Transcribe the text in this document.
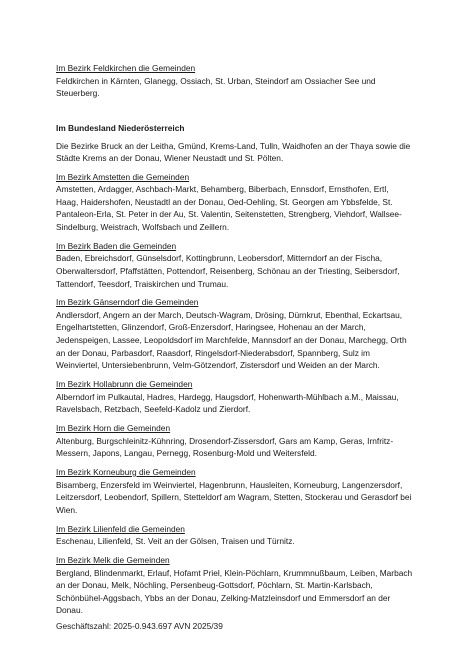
Im Bezirk Feldkirchen die Gemeinden

Feldkirchen in Kärnten, Glanegg, Ossiach, St. Urban, Steindorf am Ossiacher See und Steuerberg.

Im Bundesland Niederösterreich

Die Bezirke Bruck an der Leitha, Gmünd, Krems-Land, Tulln, Waidhofen an der Thaya sowie die Städte Krems an der Donau, Wiener Neustadt und St. Pölten.

Im Bezirk Amstetten die Gemeinden

Amstetten, Ardagger, Aschbach-Markt, Behamberg, Biberbach, Ennsdorf, Ernsthofen, Ertl, Haag, Haidershofen, Neustadtl an der Donau, Oed-Oehling, St. Georgen am Ybbsfelde, St. Pantaleon-Erla, St. Peter in der Au, St. Valentin, Seitenstetten, Strengberg, Viehdorf, Wallsee-Sindelburg, Weistrach, Wolfsbach und Zeillern.

Im Bezirk Baden die Gemeinden

Baden, Ebreichsdorf, Günselsdorf, Kottingbrunn, Leobersdorf, Mitterndorf an der Fischa, Oberwaltersdorf, Pfaffstätten, Pottendorf, Reisenberg, Schönau an der Triesting, Seibersdorf, Tattendorf, Teesdorf, Traiskirchen und Trumau.

Im Bezirk Gänserndorf die Gemeinden

Andlersdorf, Angern an der March, Deutsch-Wagram, Drösing, Dürnkrut, Ebenthal, Eckartsau, Engelhartstetten, Glinzendorf, Groß-Enzersdorf, Haringsee, Hohenau an der March, Jedenspeigen, Lassee, Leopoldsdorf im Marchfelde, Mannsdorf an der Donau, Marchegg, Orth an der Donau, Parbasdorf, Raasdorf, Ringelsdorf-Niederabsdorf, Spannberg, Sulz im Weinviertel, Untersiebenbrunn, Velm-Götzendorf, Zistersdorf und Weiden an der March.

Im Bezirk Hollabrunn die Gemeinden

Alberndorf im Pulkautal, Hadres, Hardegg, Haugsdorf, Hohenwarth-Mühlbach a.M., Maissau, Ravelsbach, Retzbach, Seefeld-Kadolz und Zierdorf.

Im Bezirk Horn die Gemeinden

Altenburg, Burgschleinitz-Kühnring, Drosendorf-Zissersdorf, Gars am Kamp, Geras, Irnfritz-Messern, Japons, Langau, Pernegg, Rosenburg-Mold und Weitersfeld.

Im Bezirk Korneuburg die Gemeinden

Bisamberg, Enzersfeld im Weinviertel, Hagenbrunn, Hausleiten, Korneuburg, Langenzersdorf, Leitzersdorf, Leobendorf, Spillern, Stetteldorf am Wagram, Stetten, Stockerau und Gerasdorf bei Wien.

Im Bezirk Lilienfeld die Gemeinden

Eschenau, Lilienfeld, St. Veit an der Gölsen, Traisen und Türnitz.

Im Bezirk Melk die Gemeinden

Bergland, Blindenmarkt, Erlauf, Hofamt Priel, Klein-Pöchlarn, Krummnußbaum, Leiben, Marbach an der Donau, Melk, Nöchling, Persenbeug-Gottsdorf, Pöchlarn, St. Martin-Karlsbach, Schönbühel-Aggsbach, Ybbs an der Donau, Zelking-Matzleinsdorf und Emmersdorf an der Donau.

Geschäftszahl: 2025-0.943.697 AVN 2025/39
